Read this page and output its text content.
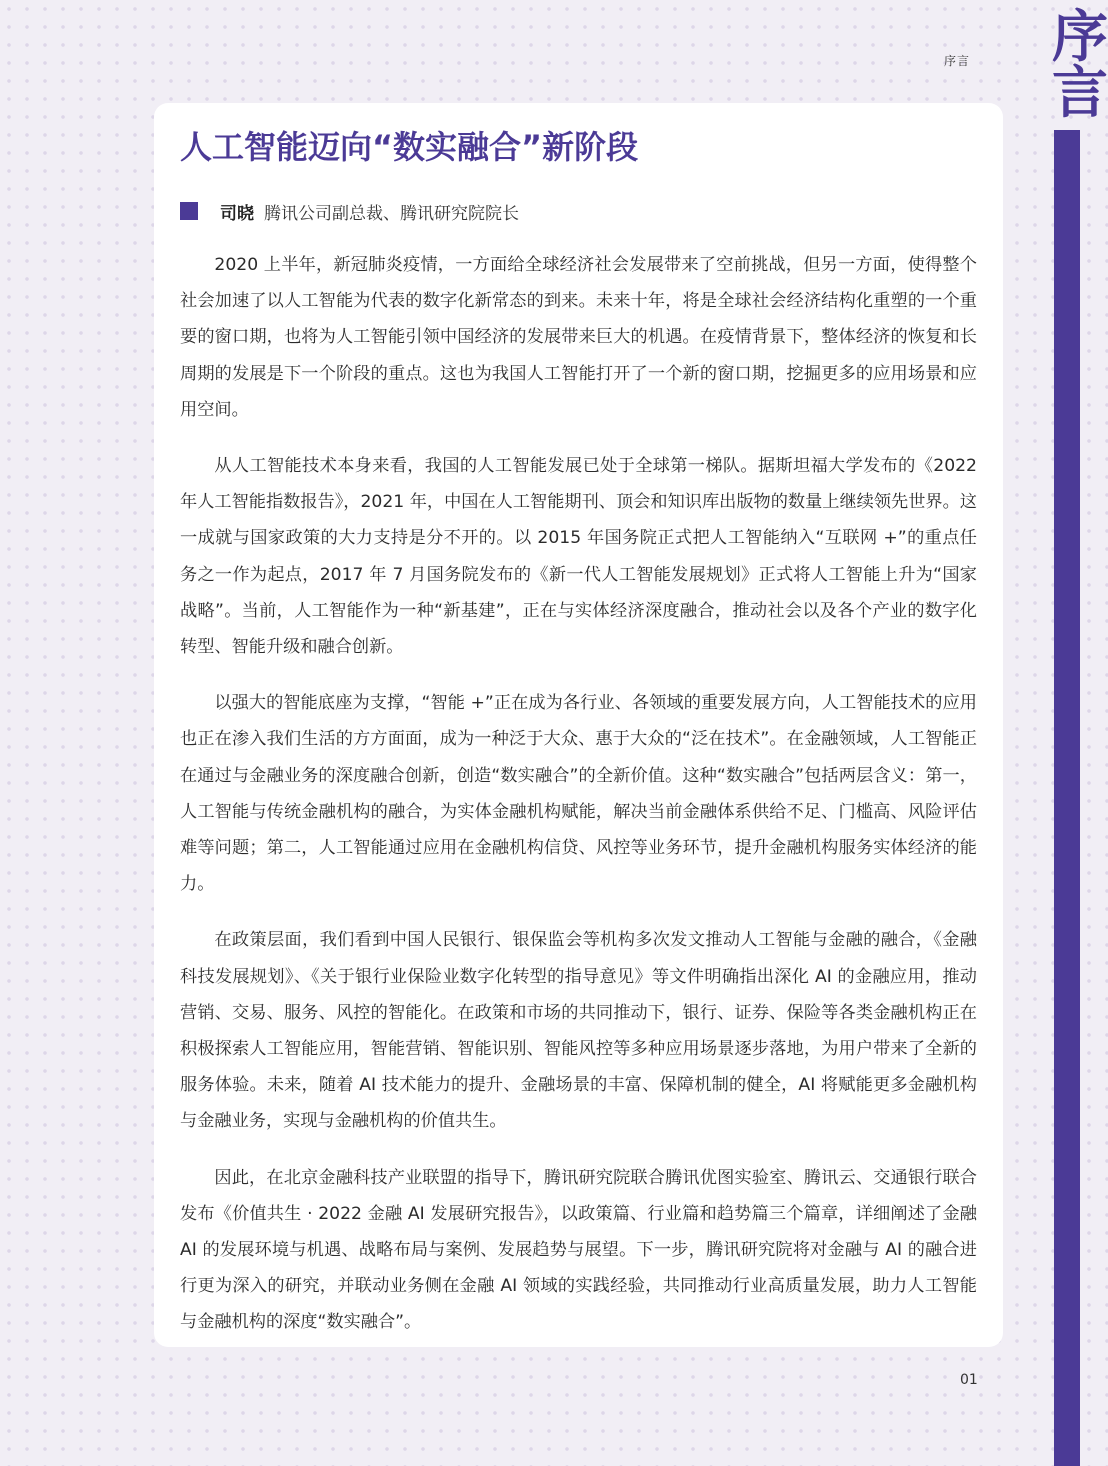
序
言
序言
人工智能迈向“数实融合”新阶段
司晓 腾讯公司副总裁、腾讯研究院院长

2020 上半年，新冠肺炎疫情，一方面给全球经济社会发展带来了空前挑战，但另一方面，使得整个社会加速了以人工智能为代表的数字化新常态的到来。未来十年，将是全球社会经济结构化重塑的一个重要的窗口期，也将为人工智能引领中国经济的发展带来巨大的机遇。在疫情背景下，整体经济的恢复和长周期的发展是下一个阶段的重点。这也为我国人工智能打开了一个新的窗口期，挖掘更多的应用场景和应用空间。

从人工智能技术本身来看，我国的人工智能发展已处于全球第一梯队。据斯坦福大学发布的《2022 年人工智能指数报告》，2021 年，中国在人工智能期刊、顶会和知识库出版物的数量上继续领先世界。这一成就与国家政策的大力支持是分不开的。以 2015 年国务院正式把人工智能纳入“互联网 +”的重点任务之一作为起点，2017 年 7 月国务院发布的《新一代人工智能发展规划》正式将人工智能上升为“国家战略”。当前，人工智能作为一种“新基建”，正在与实体经济深度融合，推动社会以及各个产业的数字化转型、智能升级和融合创新。

以强大的智能底座为支撑，“智能 +”正在成为各行业、各领域的重要发展方向，人工智能技术的应用也正在渗入我们生活的方方面面，成为一种泛于大众、惠于大众的“泛在技术”。在金融领域，人工智能正在通过与金融业务的深度融合创新，创造“数实融合”的全新价值。这种“数实融合”包括两层含义：第一，人工智能与传统金融机构的融合，为实体金融机构赋能，解决当前金融体系供给不足、门槛高、风险评估难等问题；第二，人工智能通过应用在金融机构信贷、风控等业务环节，提升金融机构服务实体经济的能力。

在政策层面，我们看到中国人民银行、银保监会等机构多次发文推动人工智能与金融的融合，《金融科技发展规划》、《关于银行业保险业数字化转型的指导意见》等文件明确指出深化 AI 的金融应用，推动营销、交易、服务、风控的智能化。在政策和市场的共同推动下，银行、证券、保险等各类金融机构正在积极探索人工智能应用，智能营销、智能识别、智能风控等多种应用场景逐步落地，为用户带来了全新的服务体验。未来，随着 AI 技术能力的提升、金融场景的丰富、保障机制的健全，AI 将赋能更多金融机构与金融业务，实现与金融机构的价值共生。

因此，在北京金融科技产业联盟的指导下，腾讯研究院联合腾讯优图实验室、腾讯云、交通银行联合发布《价值共生 · 2022 金融 AI 发展研究报告》，以政策篇、行业篇和趋势篇三个篇章，详细阐述了金融 AI 的发展环境与机遇、战略布局与案例、发展趋势与展望。下一步，腾讯研究院将对金融与 AI 的融合进行更为深入的研究，并联动业务侧在金融 AI 领域的实践经验，共同推动行业高质量发展，助力人工智能与金融机构的深度“数实融合”。

01
